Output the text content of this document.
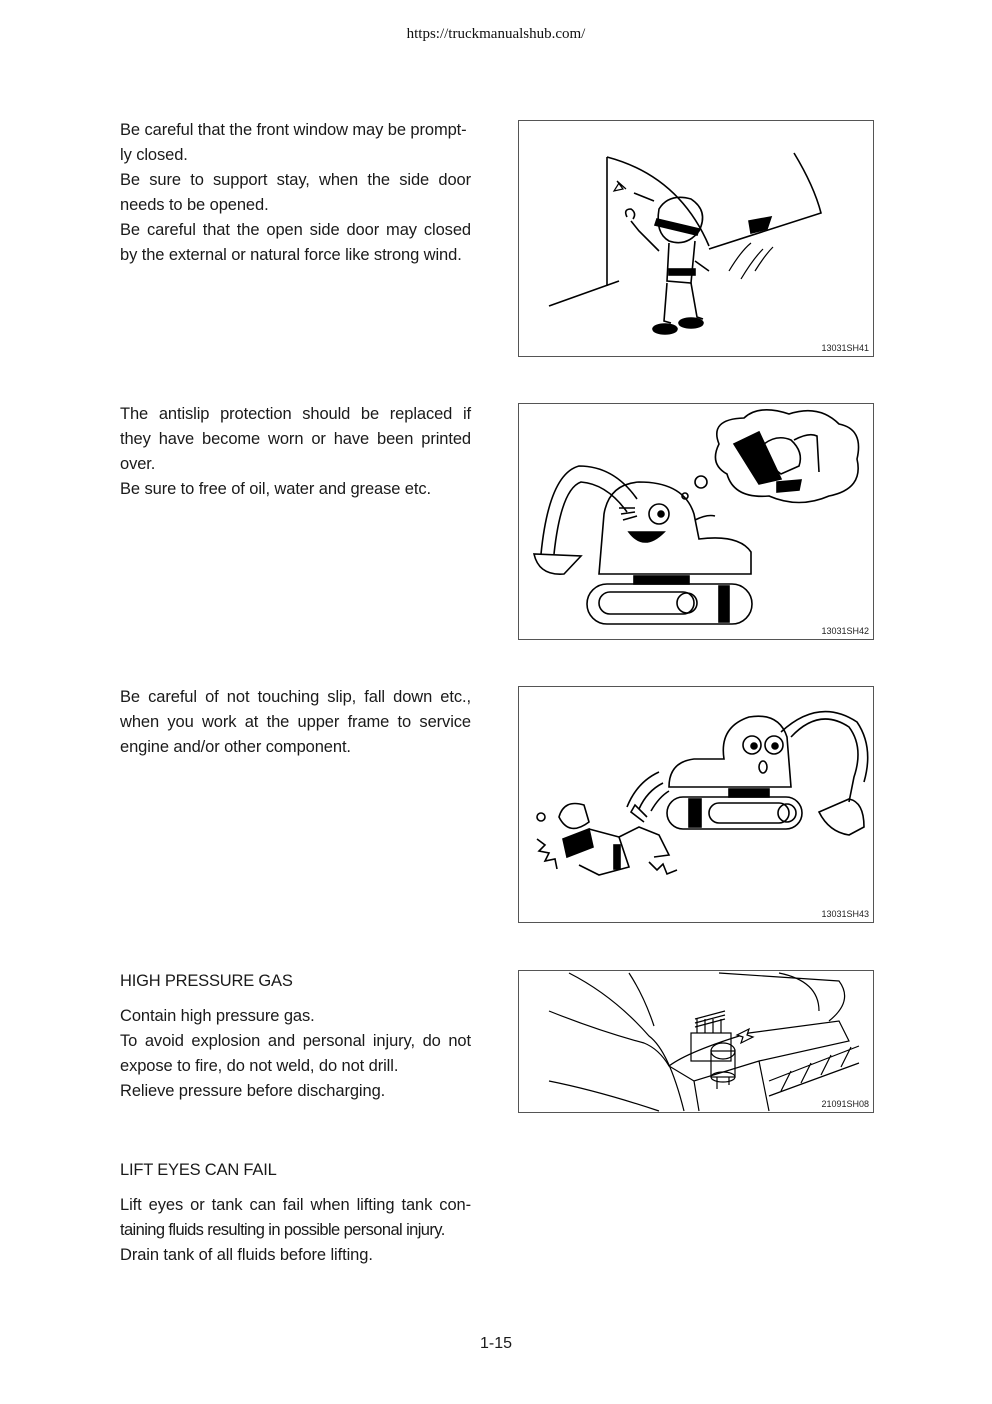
https://truckmanualshub.com/

Be careful that the front window may be prompt-

ly closed.

Be sure to support stay, when the side door

needs to be opened.

Be careful that the open side door may closed

by the external or natural force like strong wind.

13031SH41

The antislip protection should be replaced if

they have become worn or have been printed

over.

Be sure to free of oil, water and grease etc.

13031SH42

Be careful of not touching slip, fall down etc.,

when you work at the upper frame to service

engine and/or other component.

13031SH43
HIGH PRESSURE GAS

Contain high pressure gas.

To avoid explosion and personal injury, do not

expose to fire, do not weld, do not drill.

Relieve pressure before discharging.

21091SH08
LIFT EYES CAN FAIL

Lift eyes or tank can fail when lifting tank con-

taining fluids resulting in possible personal injury.

Drain tank of all fluids before lifting.

1-15
